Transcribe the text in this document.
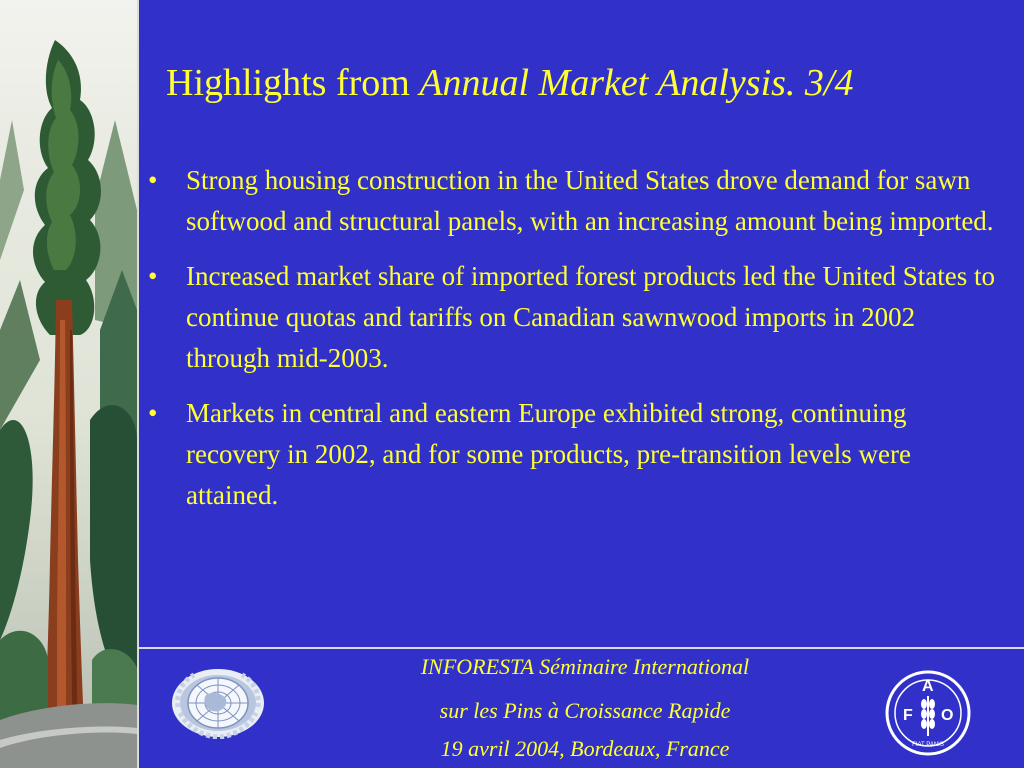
Highlights from Annual Market Analysis. 3/4
•	Strong housing construction in the United States drove demand for sawn softwood and structural panels, with an increasing amount being imported.
•	Increased market share of imported forest products led the United States to continue quotas and tariffs on Canadian sawnwood imports in 2002 through mid-2003.
•	Markets in central and eastern Europe exhibited strong, continuing recovery in 2002, and for some products, pre-transition levels were attained.
INFORESTA Séminaire International
sur les Pins à Croissance Rapide
19 avril 2004, Bordeaux, France
F
A
O
FIAT PANIS
